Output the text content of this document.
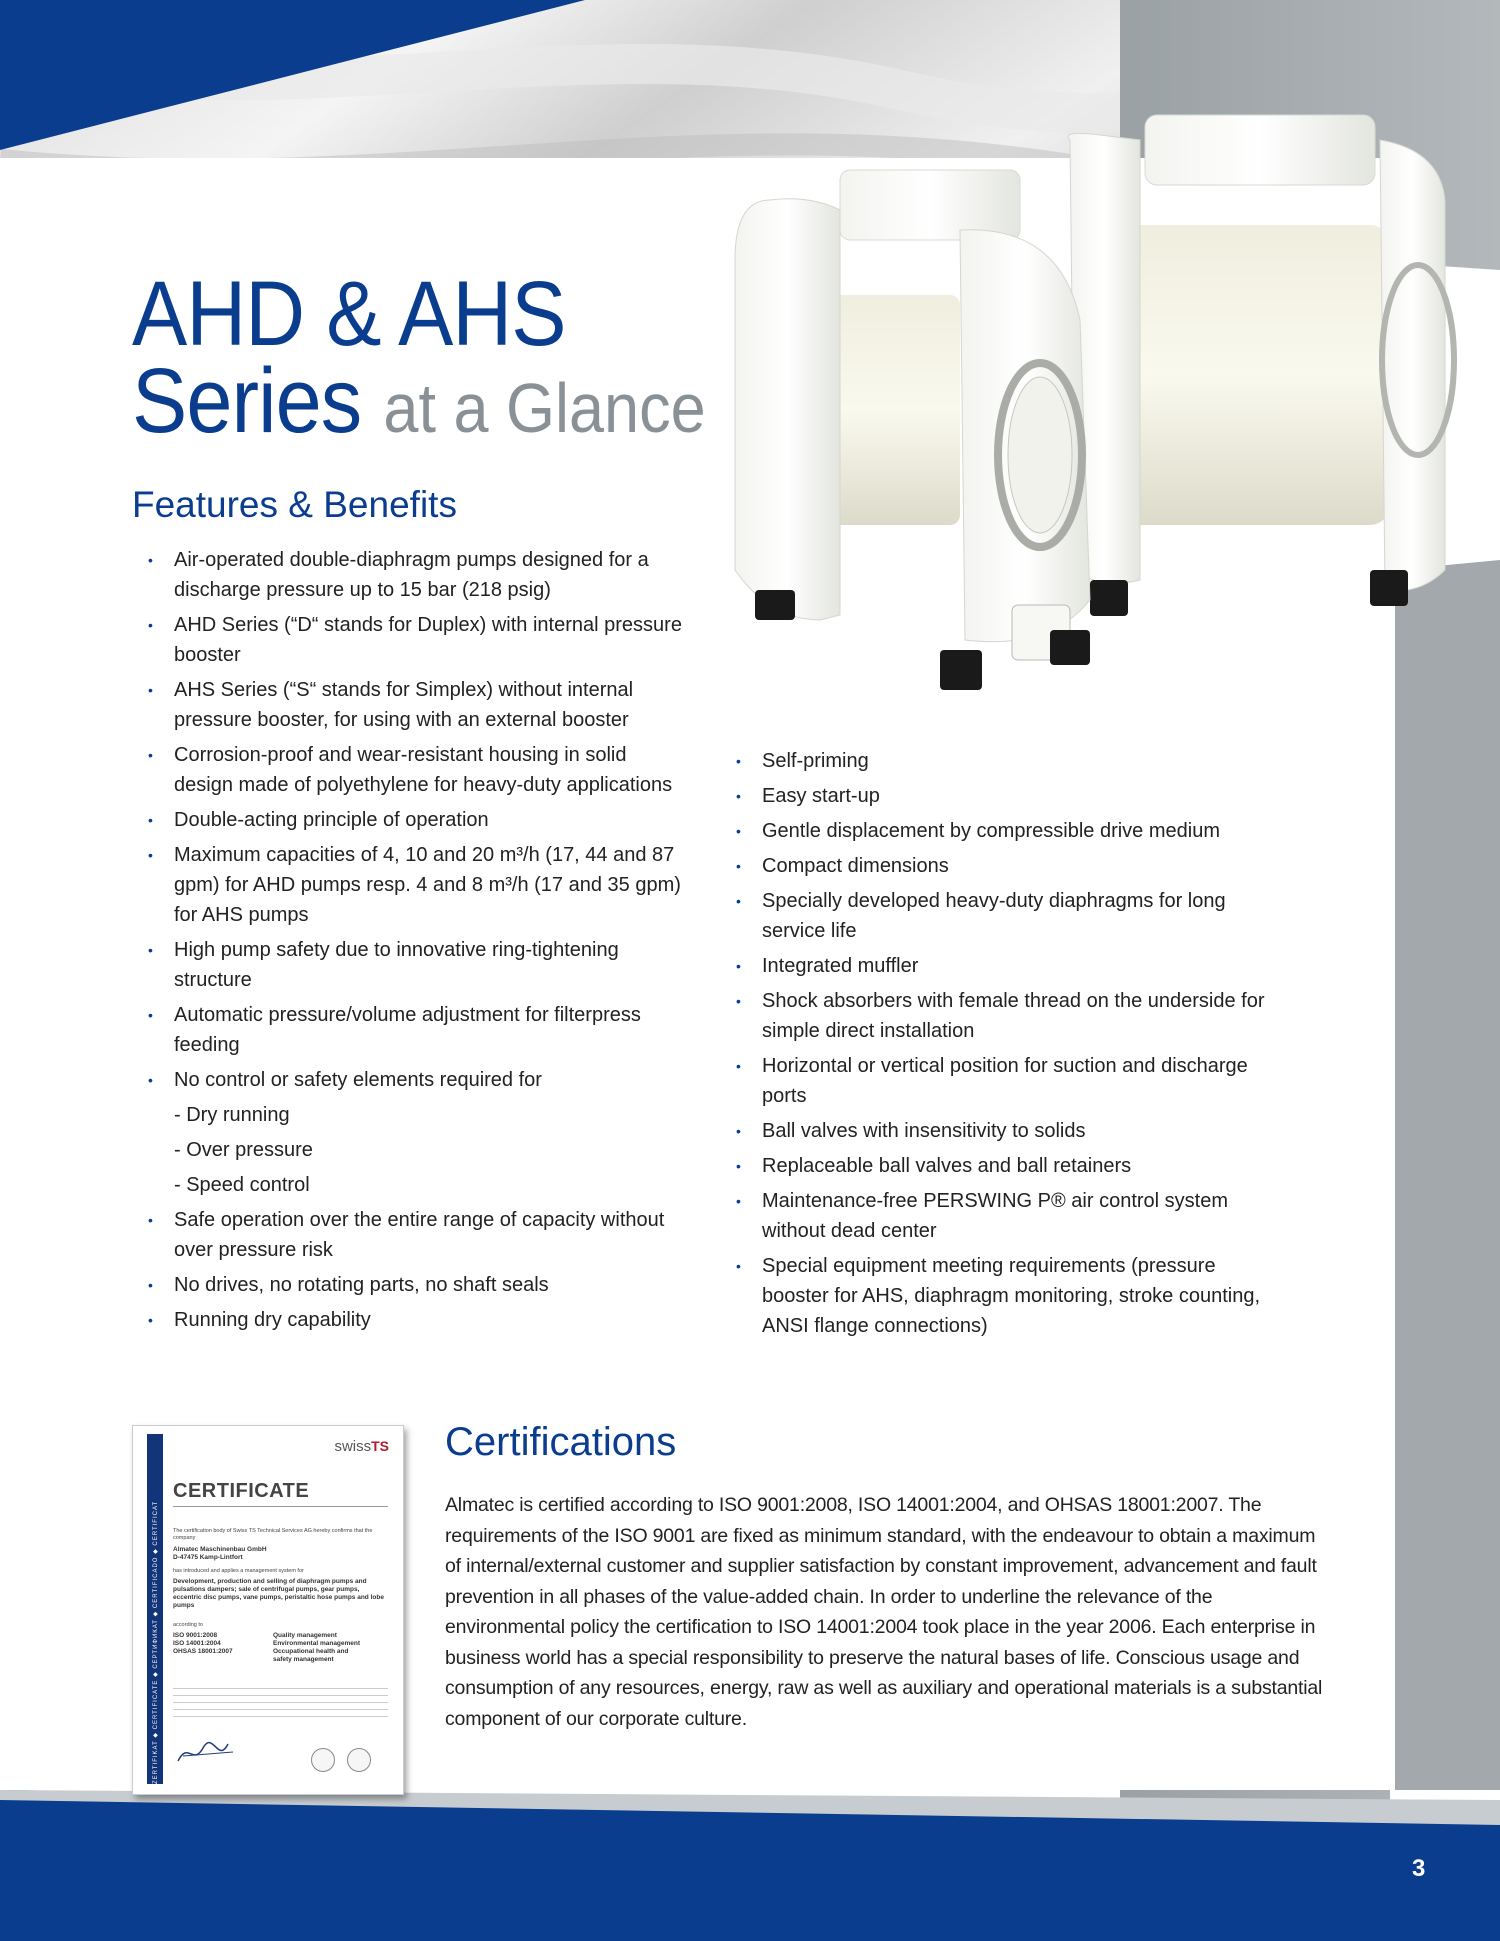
AHD & AHS
Series at a Glance
Features & Benefits
• Air-operated double-diaphragm pumps designed for a discharge pressure up to 15 bar (218 psig)
• AHD Series (“D“ stands for Duplex) with internal pressure booster
• AHS Series (“S“ stands for Simplex) without internal pressure booster, for using with an external booster
• Corrosion-proof and wear-resistant housing in solid design made of polyethylene for heavy-duty applications
• Double-acting principle of operation
• Maximum capacities of 4, 10 and 20 m³/h (17, 44 and 87 gpm) for AHD pumps resp. 4 and 8 m³/h (17 and 35 gpm) for AHS pumps
• High pump safety due to innovative ring-tightening structure
• Automatic pressure/volume adjustment for filterpress feeding
• No control or safety elements required for
- Dry running
- Over pressure
- Speed control
• Safe operation over the entire range of capacity without over pressure risk
• No drives, no rotating parts, no shaft seals
• Running dry capability
• Self-priming
• Easy start-up
• Gentle displacement by compressible drive medium
• Compact dimensions
• Specially developed heavy-duty diaphragms for long service life
• Integrated muffler
• Shock absorbers with female thread on the underside for simple direct installation
• Horizontal or vertical position for suction and discharge ports
• Ball valves with insensitivity to solids
• Replaceable ball valves and ball retainers
• Maintenance-free PERSWING P® air control system without dead center
• Special equipment meeting requirements (pressure booster for AHS, diaphragm monitoring, stroke counting, ANSI flange connections)
ZERTIFIKAT ◆ CERTIFICATE ◆ СЕРТИФИКАТ ◆ CERTIFICADO ◆ CERTIFICAT
swissTS
CERTIFICATE
The certification body of Swiss TS Technical Services AG hereby confirms that the company
Almatec Maschinenbau GmbH
D-47475 Kamp-Lintfort
has introduced and applies a management system for
Development, production and selling of diaphragm pumps and pulsations dampers; sale of centrifugal pumps, gear pumps, eccentric disc pumps, vane pumps, peristaltic hose pumps and lobe pumps
according to
ISO 9001:2008
ISO 14001:2004
OHSAS 18001:2007
Quality management
Environmental management
Occupational health and
safety management
Certifications
Almatec is certified according to ISO 9001:2008, ISO 14001:2004, and OHSAS 18001:2007. The requirements of the ISO 9001 are fixed as minimum standard, with the endeavour to obtain a maximum of internal/external customer and supplier satisfaction by constant improvement, advancement and fault prevention in all phases of the value-added chain. In order to underline the relevance of the environmental policy the certification to ISO 14001:2004 took place in the year 2006. Each enterprise in business world has a special responsibility to preserve the natural bases of life. Conscious usage and consumption of any resources, energy, raw as well as auxiliary and operational materials is a substantial component of our corporate culture.
3
